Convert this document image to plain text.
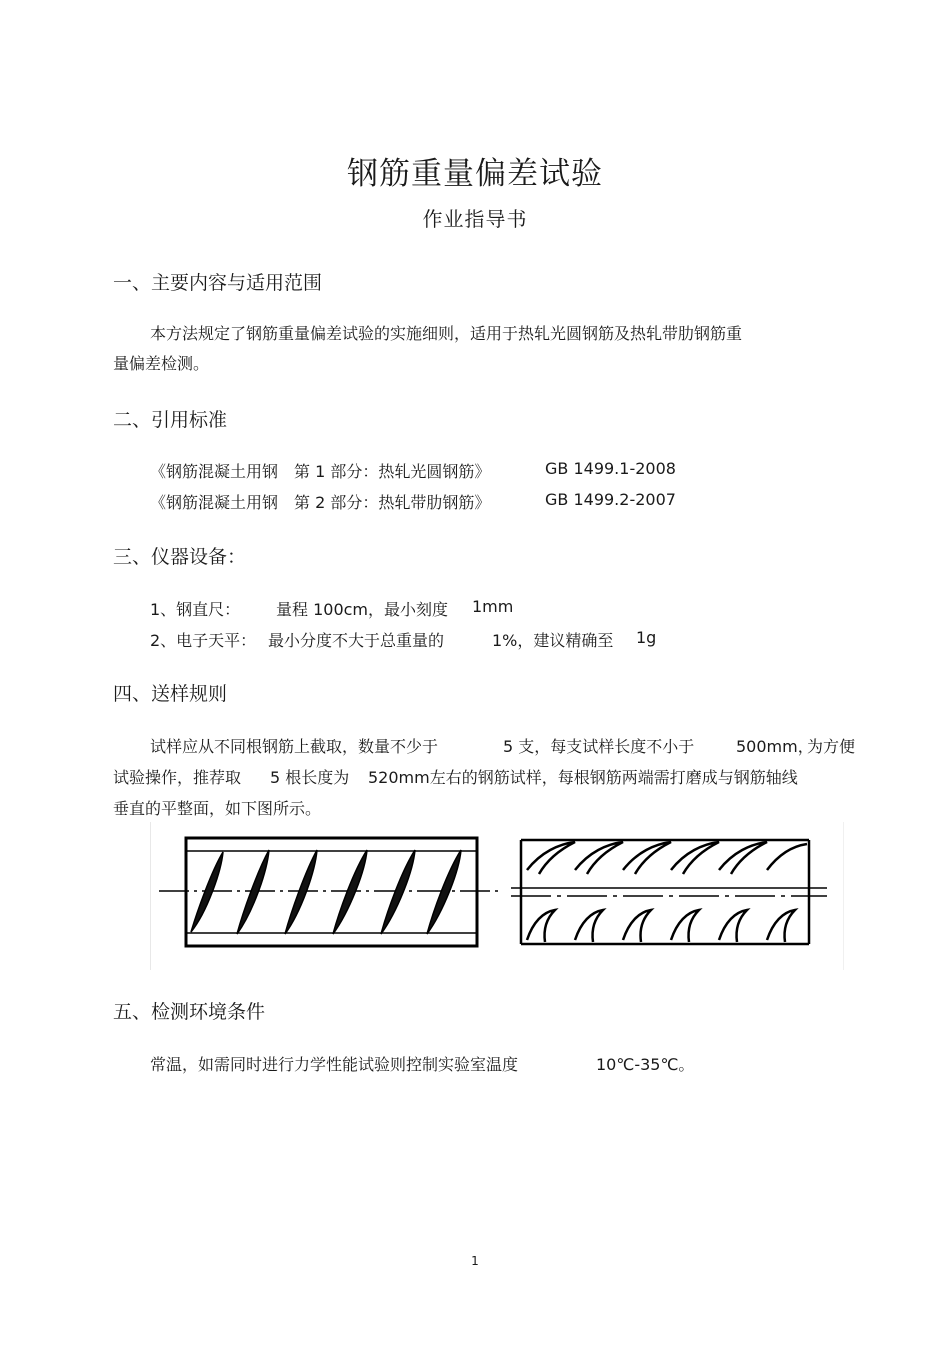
钢筋重量偏差试验
作业指导书
一、主要内容与适用范围
本方法规定了钢筋重量偏差试验的实施细则，适用于热轧光圆钢筋及热轧带肋钢筋重
量偏差检测。
二、引用标准
《钢筋混凝土用钢　第 1 部分：热轧光圆钢筋》	GB 1499.1-2008
《钢筋混凝土用钢　第 2 部分：热轧带肋钢筋》	GB 1499.2-2007
三、仪器设备：
1、钢直尺： 量程 100cm，最小刻度 1mm
2、电子天平： 最小分度不大于总重量的	1%，建议精确至 1g
四、送样规则
试样应从不同根钢筋上截取，数量不少于	5 支，每支试样长度不小于	500mm，
为方便
试验操作，推荐取 5 根长度为 520mm左右的钢筋试样，每根钢筋两端需打磨成与钢筋轴线
垂直的平整面，如下图所示。
五、检测环境条件
常温，如需同时进行力学性能试验则控制实验室温度	10℃-35℃。
1
